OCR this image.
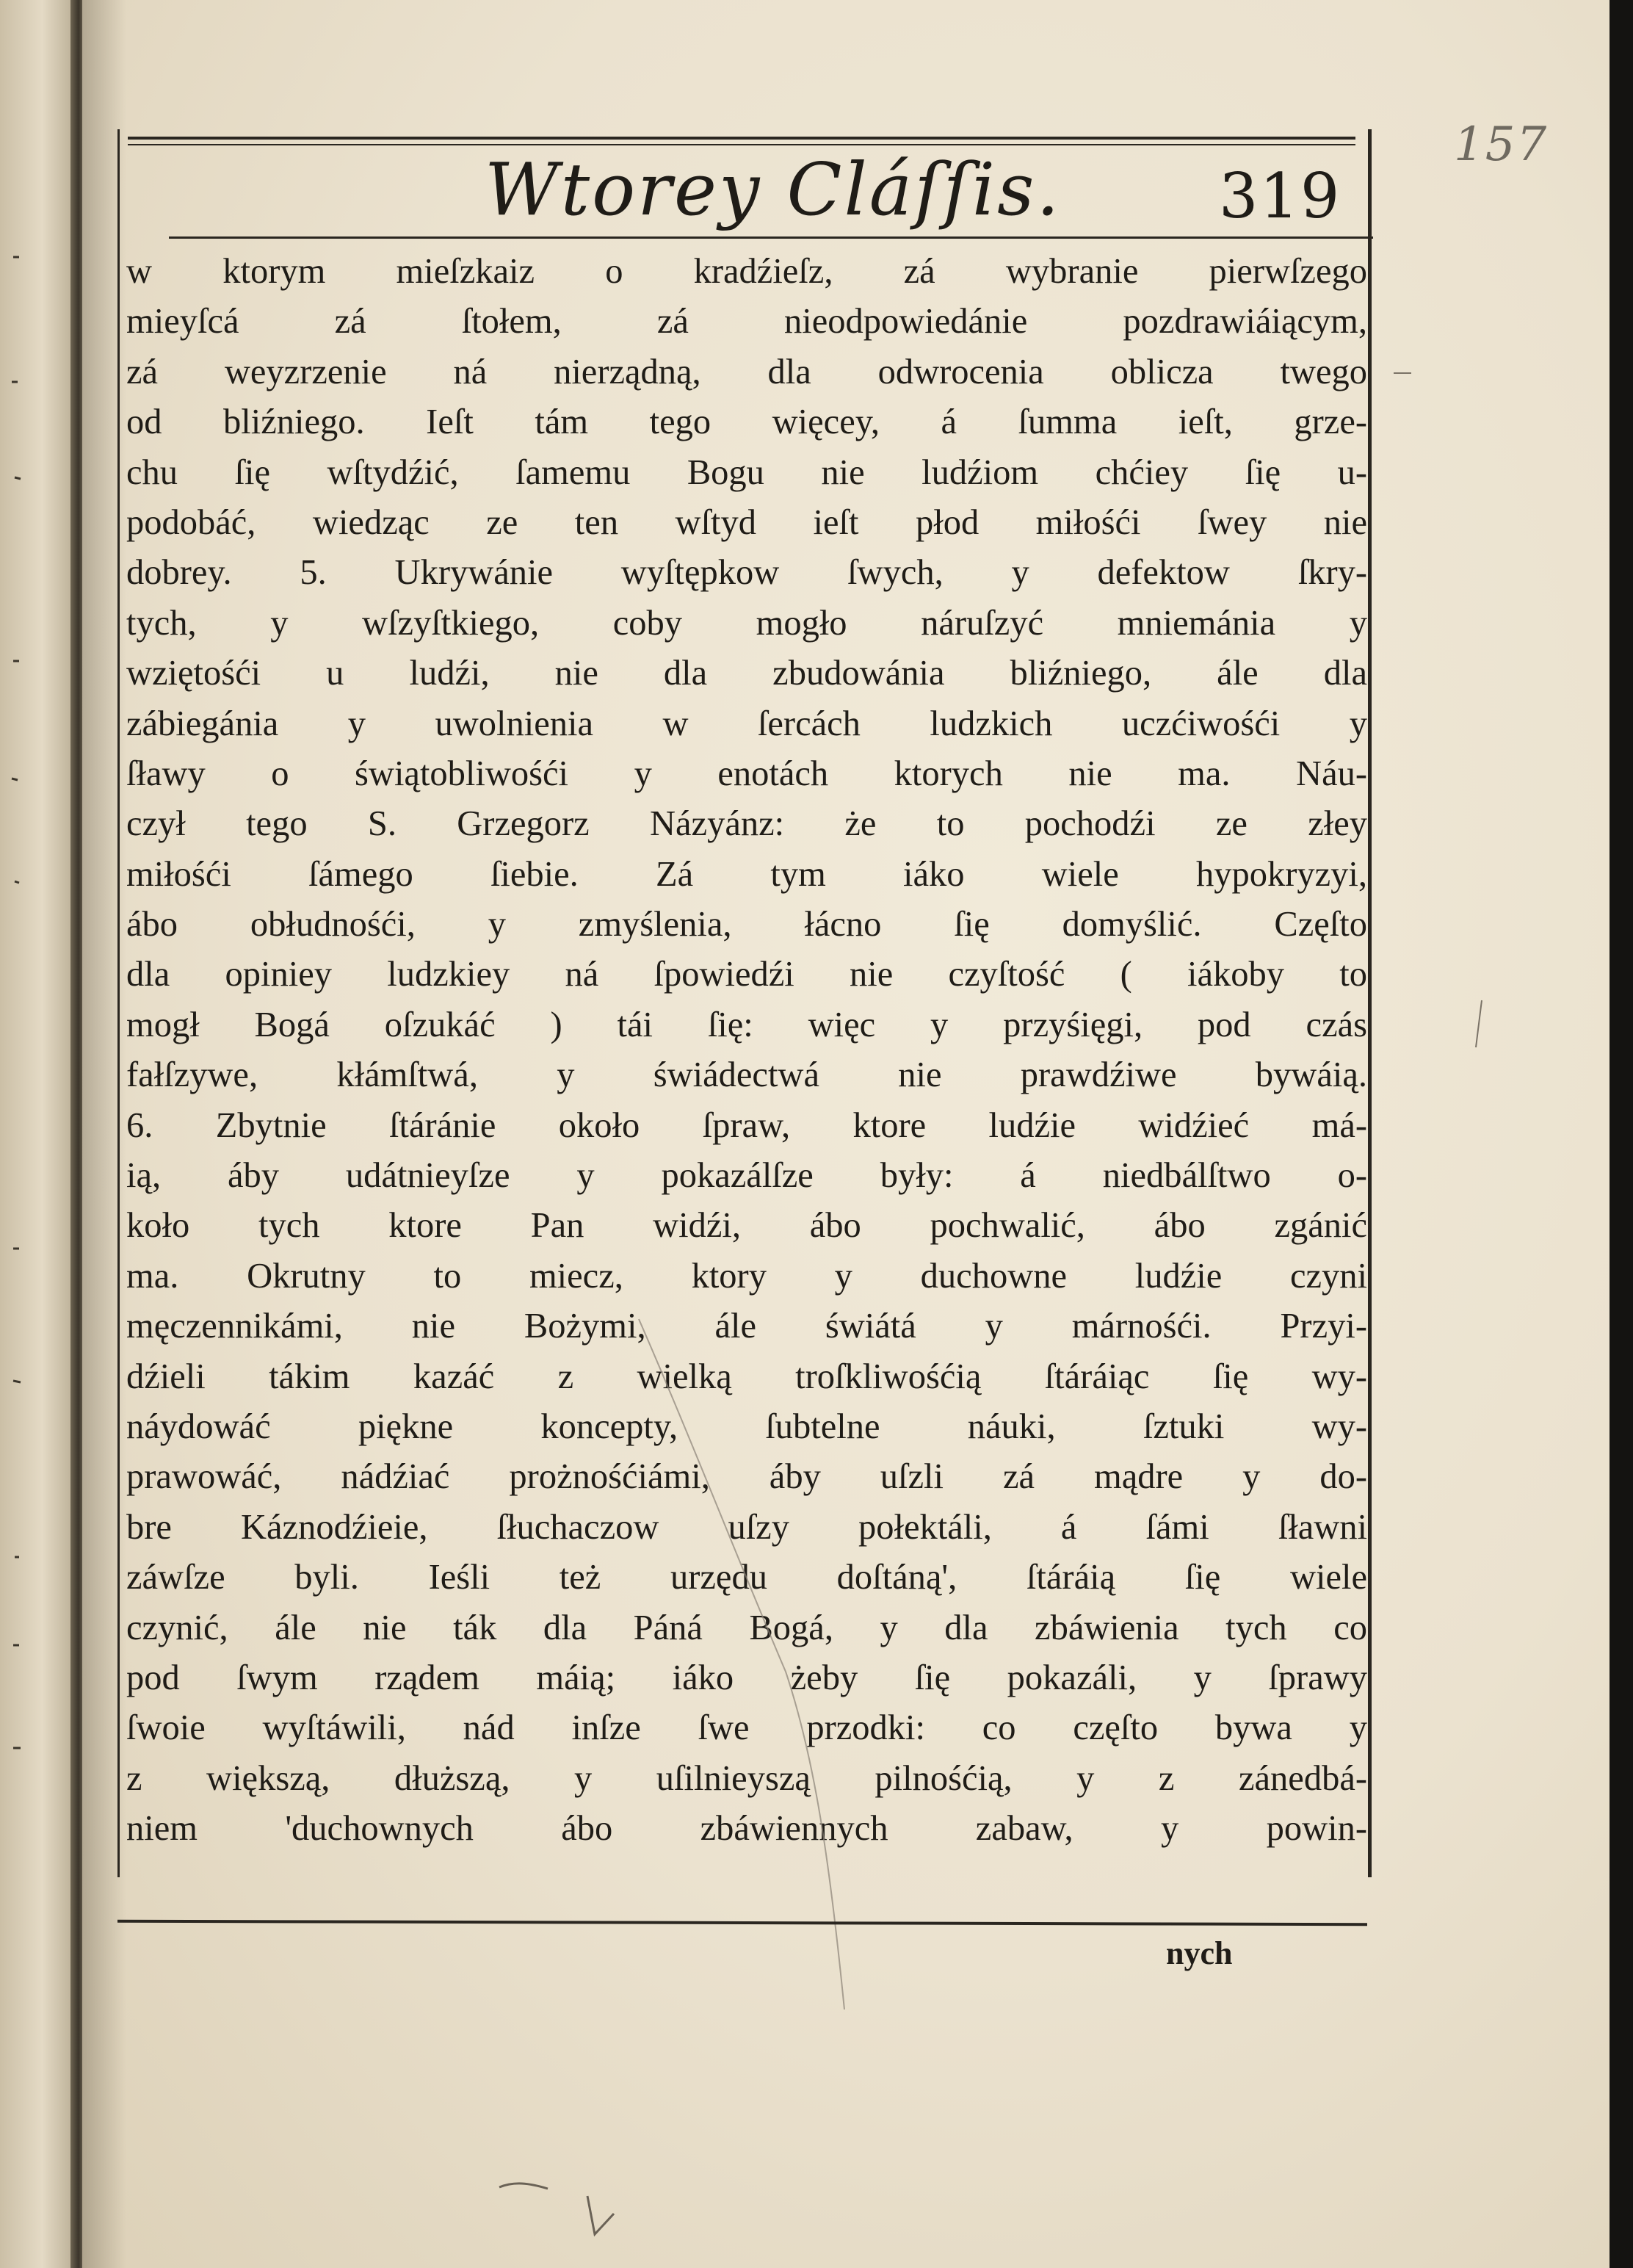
157
Wtorey Cláſſis.	319
w ktorym mieſzkaiz o kradźieſz, zá wybranie pierwſzego
mieyſcá zá ſtołem, zá nieodpowiedánie pozdrawiáiącym,
zá weyzrzenie ná nierządną, dla odwrocenia oblicza twego
od bliźniego. Ieſt tám tego więcey, á ſumma ieſt, grze-
chu ſię wſtydźić, ſamemu Bogu nie ludźiom chćiey ſię u-
podobáć, wiedząc ze ten wſtyd ieſt płod miłośći ſwey nie
dobrey. 5. Ukrywánie wyſtępkow ſwych, y defektow ſkry-
tych, y wſzyſtkiego, coby mogło náruſzyć mniemánia y
wziętośći u ludźi, nie dla zbudowánia bliźniego, ále dla
zábiegánia y uwolnienia w ſercách ludzkich uczćiwośći y
ſławy o świątobliwośći y enotách ktorych nie ma. Náu-
czył tego S. Grzegorz Názyánz: że to pochodźi ze złey
miłośći ſámego ſiebie. Zá tym iáko wiele hypokryzyi,
ábo obłudnośći, y zmyślenia, łácno ſię domyślić. Częſto
dla opiniey ludzkiey ná ſpowiedźi nie czyſtość ( iákoby to
mogł Bogá oſzukáć ) tái ſię: więc y przyśięgi, pod czás
fałſzywe, kłámſtwá, y świádectwá nie prawdźiwe bywáią.
6. Zbytnie ſtáránie około ſpraw, ktore ludźie widźieć má-
ią, áby udátnieyſze y pokazálſze były: á niedbálſtwo o-
koło tych ktore Pan widźi, ábo pochwalić, ábo zgánić
ma. Okrutny to miecz, ktory y duchowne ludźie czyni
męczennikámi, nie Bożymi, ále świátá y márnośći. Przyi-
dźieli tákim kazáć z wielką troſkliwośćią ſtáráiąc ſię wy-
náydowáć piękne koncepty, ſubtelne náuki, ſztuki wy-
prawowáć, nádźiać prożnośćiámi, áby uſzli zá mądre y do-
bre Káznodźieie, ſłuchaczow uſzy połektáli, á ſámi ſławni
záwſze byli. Ieśli też urzędu doſtáną', ſtáráią ſię wiele
czynić, ále nie ták dla Páná Bogá, y dla zbáwienia tych co
pod ſwym rządem máią; iáko żeby ſię pokazáli, y ſprawy
ſwoie wyſtáwili, nád inſze ſwe przodki: co częſto bywa y
z większą, dłuższą, y uſilnieyszą pilnośćią, y z zánedbá-
niem 'duchownych ábo zbáwiennych zabaw, y powin-
nych
